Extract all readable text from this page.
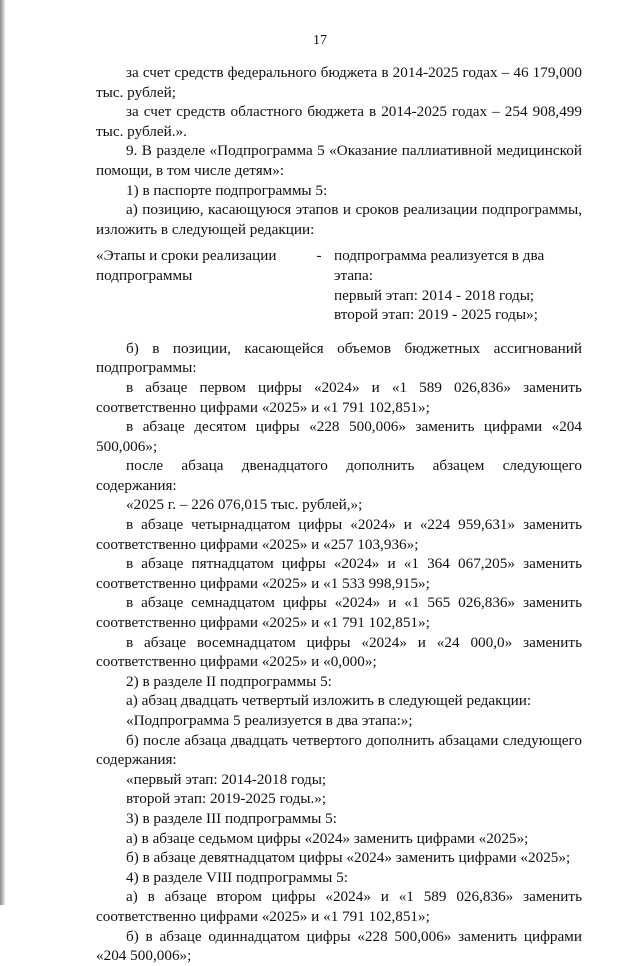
17

за счет средств федерального бюджета в 2014-2025 годах – 46 179,000 тыс. рублей;

за счет средств областного бюджета в 2014-2025 годах – 254 908,499 тыс. рублей.».

9. В разделе «Подпрограмма 5 «Оказание паллиативной медицинской помощи, в том числе детям»:

1) в паспорте подпрограммы 5:

а) позицию, касающуюся этапов и сроков реализации подпрограммы, изложить в следующей редакции:

«Этапы и сроки реализации подпрограммы
- подпрограмма реализуется в два этапа:
первый этап: 2014 - 2018 годы;
второй этап: 2019 - 2025 годы»;

б) в позиции, касающейся объемов бюджетных ассигнований подпрограммы:

в абзаце первом цифры «2024» и «1 589 026,836» заменить соответственно цифрами «2025» и «1 791 102,851»;

в абзаце десятом цифры «228 500,006» заменить цифрами «204 500,006»;

после абзаца двенадцатого дополнить абзацем следующего содержания:

«2025 г. – 226 076,015 тыс. рублей,»;

в абзаце четырнадцатом цифры «2024» и «224 959,631» заменить соответственно цифрами «2025» и «257 103,936»;

в абзаце пятнадцатом цифры «2024» и «1 364 067,205» заменить соответственно цифрами «2025» и «1 533 998,915»;

в абзаце семнадцатом цифры «2024» и «1 565 026,836» заменить соответственно цифрами «2025» и «1 791 102,851»;

в абзаце восемнадцатом цифры «2024» и «24 000,0» заменить соответственно цифрами «2025» и «0,000»;

2) в разделе II подпрограммы 5:

а) абзац двадцать четвертый изложить в следующей редакции:

«Подпрограмма 5 реализуется в два этапа:»;

б) после абзаца двадцать четвертого дополнить абзацами следующего содержания:

«первый этап: 2014-2018 годы;

второй этап: 2019-2025 годы.»;

3) в разделе III подпрограммы 5:

а) в абзаце седьмом цифры «2024» заменить цифрами «2025»;

б) в абзаце девятнадцатом цифры «2024» заменить цифрами «2025»;

4) в разделе VIII подпрограммы 5:

а) в абзаце втором цифры «2024» и «1 589 026,836» заменить соответственно цифрами «2025» и «1 791 102,851»;

б) в абзаце одиннадцатом цифры «228 500,006» заменить цифрами «204 500,006»;
